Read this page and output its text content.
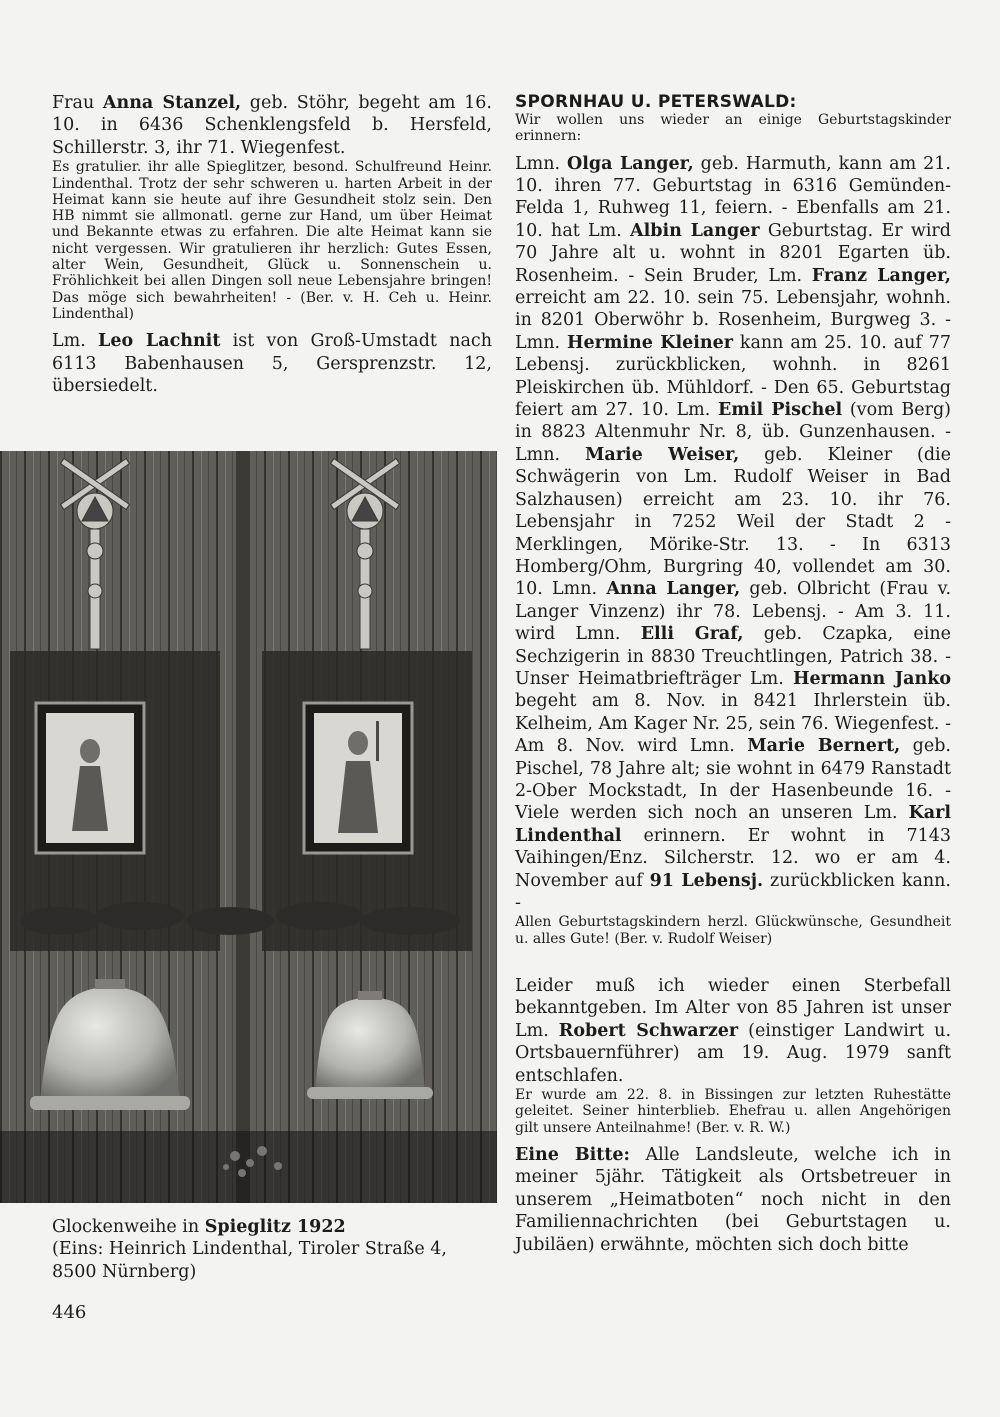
Frau Anna Stanzel, geb. Stöhr, begeht am 16. 10. in 6436 Schenklengsfeld b. Hersfeld, Schillerstr. 3, ihr 71. Wiegenfest.

Es gratulier. ihr alle Spieglitzer, besond. Schulfreund Heinr. Lindenthal. Trotz der sehr schweren u. harten Arbeit in der Heimat kann sie heute auf ihre Gesundheit stolz sein. Den HB nimmt sie allmonatl. gerne zur Hand, um über Heimat und Bekannte etwas zu erfahren. Die alte Heimat kann sie nicht vergessen. Wir gratulieren ihr herzlich: Gutes Essen, alter Wein, Gesundheit, Glück u. Sonnenschein u. Fröhlichkeit bei allen Dingen soll neue Lebensjahre bringen! Das möge sich bewahrheiten! - (Ber. v. H. Ceh u. Heinr. Lindenthal)

Lm. Leo Lachnit ist von Groß-Umstadt nach 6113 Babenhausen 5, Gersprenzstr. 12, übersiedelt.

Glockenweihe in Spieglitz 1922

(Eins: Heinrich Lindenthal, Tiroler Straße 4,

8500 Nürnberg)

446

SPORNHAU U. PETERSWALD:

Wir wollen uns wieder an einige Geburtstagskinder erinnern:

Lmn. Olga Langer, geb. Harmuth, kann am 21. 10. ihren 77. Geburtstag in 6316 Gemünden-Felda 1, Ruhweg 11, feiern. - Ebenfalls am 21. 10. hat Lm. Albin Langer Geburtstag. Er wird 70 Jahre alt u. wohnt in 8201 Egarten üb. Rosenheim. - Sein Bruder, Lm. Franz Langer, erreicht am 22. 10. sein 75. Lebensjahr, wohnh. in 8201 Oberwöhr b. Rosenheim, Burgweg 3. - Lmn. Hermine Kleiner kann am 25. 10. auf 77 Lebensj. zurückblicken, wohnh. in 8261 Pleiskirchen üb. Mühldorf. - Den 65. Geburtstag feiert am 27. 10. Lm. Emil Pischel (vom Berg) in 8823 Altenmuhr Nr. 8, üb. Gunzenhausen. - Lmn. Marie Weiser, geb. Kleiner (die Schwägerin von Lm. Rudolf Weiser in Bad Salzhausen) erreicht am 23. 10. ihr 76. Lebensjahr in 7252 Weil der Stadt 2 - Merklingen, Mörike-Str. 13. - In 6313 Homberg/Ohm, Burgring 40, vollendet am 30. 10. Lmn. Anna Langer, geb. Olbricht (Frau v. Langer Vinzenz) ihr 78. Lebensj. - Am 3. 11. wird Lmn. Elli Graf, geb. Czapka, eine Sechzigerin in 8830 Treuchtlingen, Patrich 38. - Unser Heimatbriefträger Lm. Hermann Janko begeht am 8. Nov. in 8421 Ihrlerstein üb. Kelheim, Am Kager Nr. 25, sein 76. Wiegenfest. - Am 8. Nov. wird Lmn. Marie Bernert, geb. Pischel, 78 Jahre alt; sie wohnt in 6479 Ranstadt 2-Ober Mockstadt, In der Hasenbeunde 16. - Viele werden sich noch an unseren Lm. Karl Lindenthal erinnern. Er wohnt in 7143 Vaihingen/Enz. Silcherstr. 12. wo er am 4. November auf 91 Lebensj. zurückblicken kann. -

Allen Geburtstagskindern herzl. Glückwünsche, Gesundheit u. alles Gute! (Ber. v. Rudolf Weiser)

Leider muß ich wieder einen Sterbefall bekanntgeben. Im Alter von 85 Jahren ist unser Lm. Robert Schwarzer (einstiger Landwirt u. Ortsbauernführer) am 19. Aug. 1979 sanft entschlafen.

Er wurde am 22. 8. in Bissingen zur letzten Ruhestätte geleitet. Seiner hinterblieb. Ehefrau u. allen Angehörigen gilt unsere Anteilnahme! (Ber. v. R. W.)

Eine Bitte: Alle Landsleute, welche ich in meiner 5jähr. Tätigkeit als Ortsbetreuer in unserem „Heimatboten“ noch nicht in den Familiennachrichten (bei Geburtstagen u. Jubiläen) erwähnte, möchten sich doch bitte
